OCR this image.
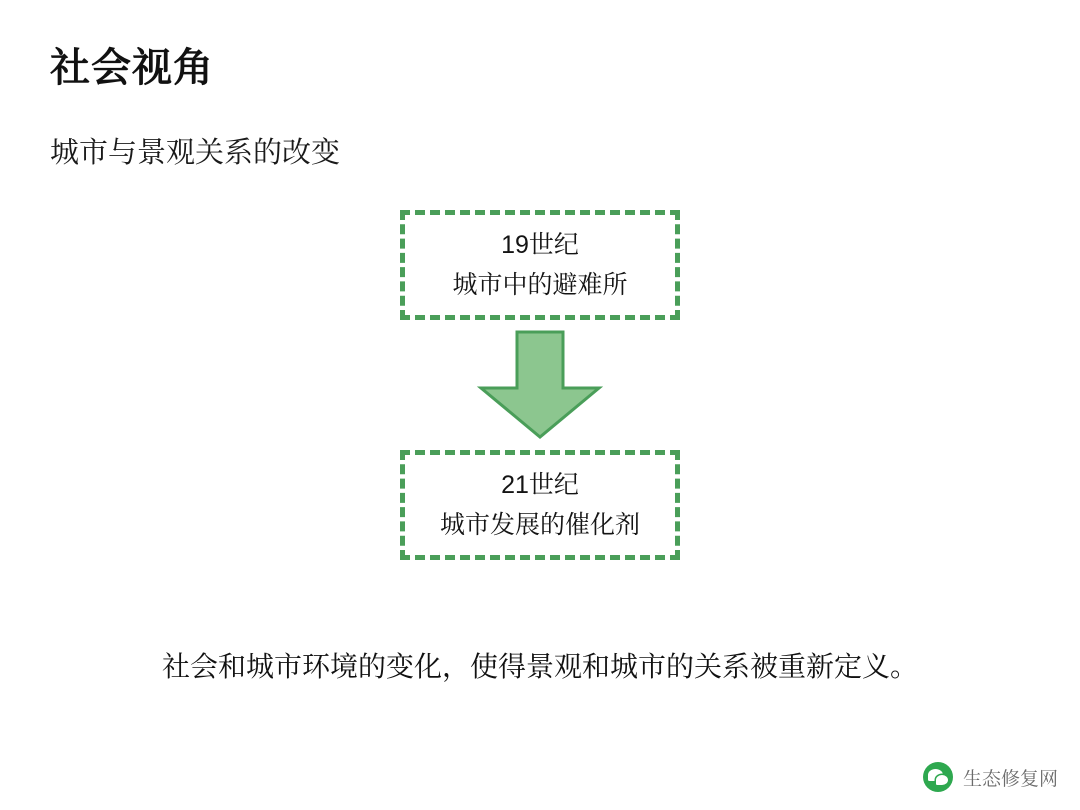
社会视角
城市与景观关系的改变
19世纪
城市中的避难所
21世纪
城市发展的催化剂
社会和城市环境的变化，使得景观和城市的关系被重新定义。
生态修复网
